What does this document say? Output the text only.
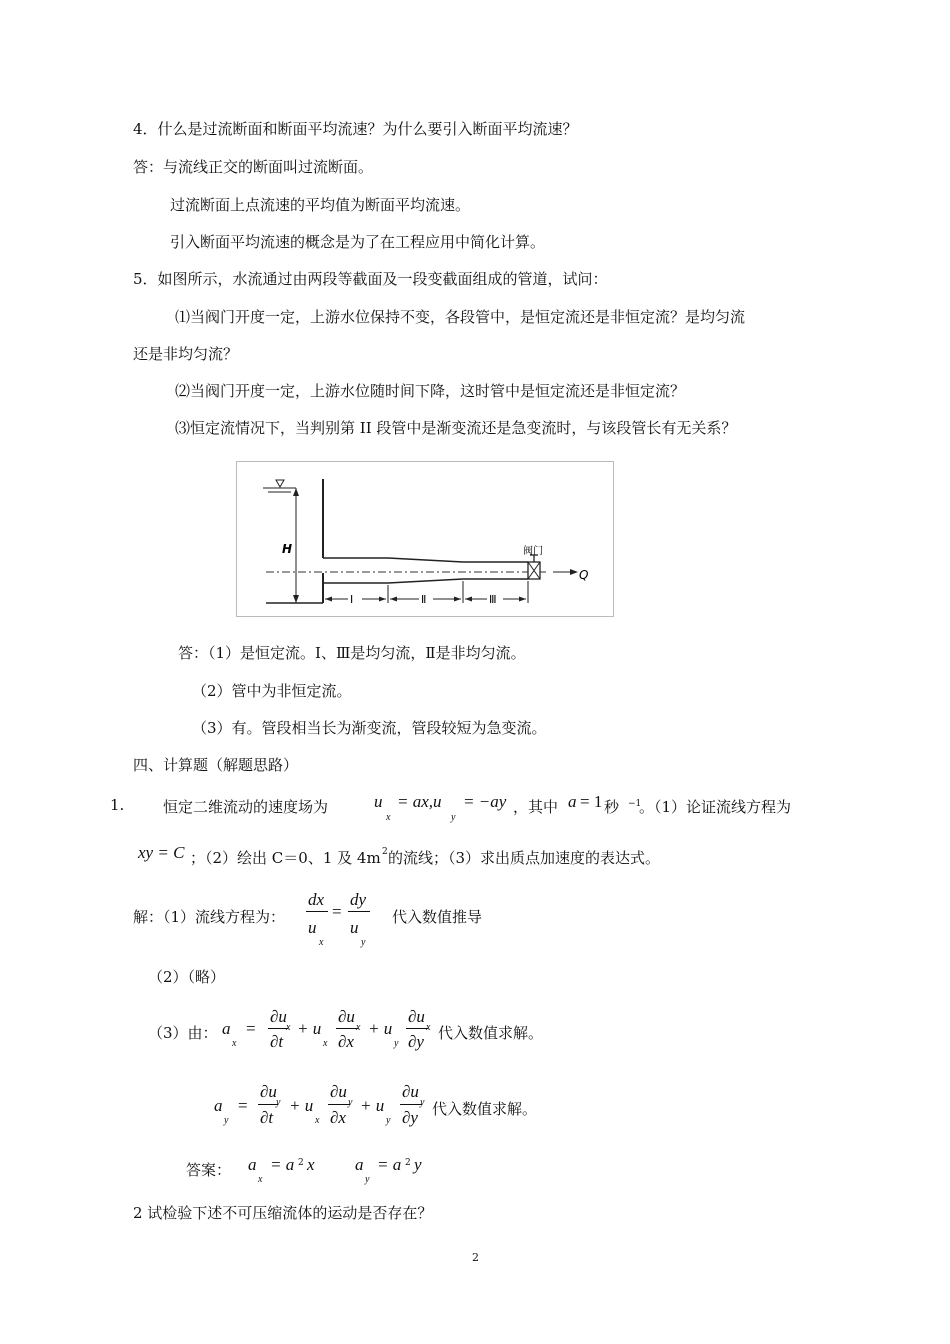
4．什么是过流断面和断面平均流速？为什么要引入断面平均流速？
答：与流线正交的断面叫过流断面。
过流断面上点流速的平均值为断面平均流速。
引入断面平均流速的概念是为了在工程应用中简化计算。
5．如图所示，水流通过由两段等截面及一段变截面组成的管道，试问：
⑴当阀门开度一定，上游水位保持不变，各段管中，是恒定流还是非恒定流？是均匀流
还是非均匀流？
⑵当阀门开度一定，上游水位随时间下降，这时管中是恒定流还是非恒定流？
⑶恒定流情况下，当判别第 II 段管中是渐变流还是急变流时，与该段管长有无关系？
H	阀门
Q
Ⅰ	Ⅱ	Ⅲ
答：（1）是恒定流。Ⅰ、Ⅲ是均匀流，Ⅱ是非均匀流。
（2）管中为非恒定流。
（3）有。管段相当长为渐变流，管段较短为急变流。
四、计算题（解题思路）
1.	恒定二维流动的速度场为	u
x
= ax,u
y
= −ay ，其中 a = 1 秒 −1
。（1）论证流线方程为
xy = C ；（2）绘出 C＝0、1 及 4m 2 的流线；（3）求出质点加速度的表达式。
解：（1）流线方程为：
dx
u
x
=
dy
u
y
代入数值推导
（2）（略）
（3）由： a
x
=
∂u
∂t
x + u
x
∂u
∂x
x + u
y
∂u
∂y
x 代入数值求解。
a
y
=
∂u
∂t
y + u
x
∂u
∂x
y + u
y
∂u
∂y
y 代入数值求解。
答案： a
x
= a 2 x a
y
= a 2 y
2 试检验下述不可压缩流体的运动是否存在？
2
